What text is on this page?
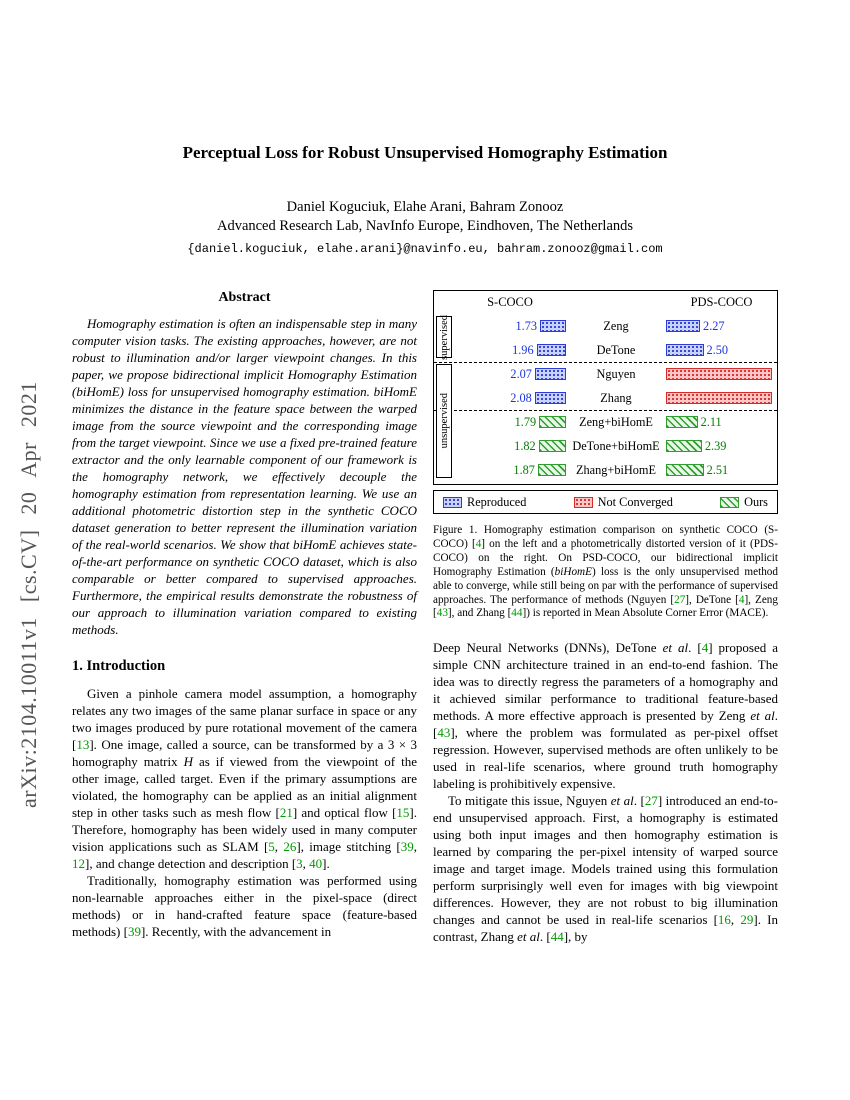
arXiv:2104.10011v1 [cs.CV] 20 Apr 2021
Perceptual Loss for Robust Unsupervised Homography Estimation
Daniel Koguciuk, Elahe Arani, Bahram Zonooz
Advanced Research Lab, NavInfo Europe, Eindhoven, The Netherlands
{daniel.koguciuk, elahe.arani}@navinfo.eu, bahram.zonooz@gmail.com
Abstract

Homography estimation is often an indispensable step in many computer vision tasks. The existing approaches, however, are not robust to illumination and/or larger viewpoint changes. In this paper, we propose bidirectional implicit Homography Estimation (biHomE) loss for unsupervised homography estimation. biHomE minimizes the distance in the feature space between the warped image from the source viewpoint and the corresponding image from the target viewpoint. Since we use a fixed pre-trained feature extractor and the only learnable component of our framework is the homography network, we effectively decouple the homography estimation from representation learning. We use an additional photometric distortion step in the synthetic COCO dataset generation to better represent the illumination variation of the real-world scenarios. We show that biHomE achieves state-of-the-art performance on synthetic COCO dataset, which is also comparable or better compared to supervised approaches. Furthermore, the empirical results demonstrate the robustness of our approach to illumination variation compared to existing methods.

1. Introduction

Given a pinhole camera model assumption, a homography relates any two images of the same planar surface in space or any two images produced by pure rotational movement of the camera [13]. One image, called a source, can be transformed by a 3 × 3 homography matrix H as if viewed from the viewpoint of the other image, called target. Even if the primary assumptions are violated, the homography can be applied as an initial alignment step in other tasks such as mesh flow [21] and optical flow [15]. Therefore, homography has been widely used in many computer vision applications such as SLAM [5, 26], image stitching [39, 12], and change detection and description [3, 40].

Traditionally, homography estimation was performed using non-learnable approaches either in the pixel-space (direct methods) or in hand-crafted feature space (feature-based methods) [39]. Recently, with the advancement in

S-COCO	PDS-COCO
1.73	Zeng	2.27
1.96	DeTone	2.50
2.07	Nguyen
2.08	Zhang
1.79	Zeng+biHomE	2.11
1.82	DeTone+biHomE	2.39
1.87	Zhang+biHomE	2.51
supervised
unsupervised
Reproduced	Not Converged	Ours
Figure 1. Homography estimation comparison on synthetic COCO (S-COCO) [4] on the left and a photometrically distorted version of it (PDS-COCO) on the right. On PSD-COCO, our bidirectional implicit Homography Estimation (biHomE) loss is the only unsupervised method able to converge, while still being on par with the performance of supervised approaches. The performance of methods (Nguyen [27], DeTone [4], Zeng [43], and Zhang [44]) is reported in Mean Absolute Corner Error (MACE).

Deep Neural Networks (DNNs), DeTone et al. [4] proposed a simple CNN architecture trained in an end-to-end fashion. The idea was to directly regress the parameters of a homography and it achieved similar performance to traditional feature-based methods. A more effective approach is presented by Zeng et al. [43], where the problem was formulated as per-pixel offset regression. However, supervised methods are often unlikely to be used in real-life scenarios, where ground truth homography labeling is prohibitively expensive.

To mitigate this issue, Nguyen et al. [27] introduced an end-to-end unsupervised approach. First, a homography is estimated using both input images and then homography estimation is learned by comparing the per-pixel intensity of warped source image and target image. Models trained using this formulation perform surprisingly well even for images with big viewpoint differences. However, they are not robust to big illumination changes and cannot be used in real-life scenarios [16, 29]. In contrast, Zhang et al. [44], by
